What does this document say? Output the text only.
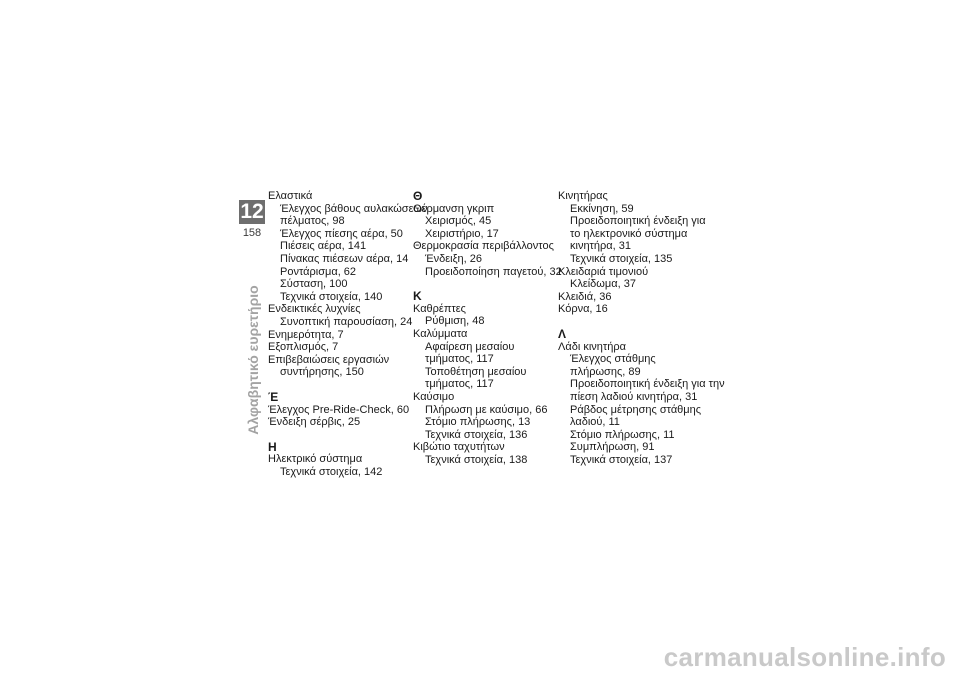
12
158
Αλφαβητικό ευρετήριο
Ελαστικά
Έλεγχος βάθους αυλακώσεων
πέλματος, 98
Έλεγχος πίεσης αέρα, 50
Πιέσεις αέρα, 141
Πίνακας πιέσεων αέρα, 14
Ροντάρισμα, 62
Σύσταση, 100
Τεχνικά στοιχεία, 140
Ενδεικτικές λυχνίες
Συνοπτική παρουσίαση, 24
Ενημερότητα, 7
Εξοπλισμός, 7
Επιβεβαιώσεις εργασιών
συντήρησης, 150
Έ
Έλεγχος Pre-Ride-Check, 60
Ένδειξη σέρβις, 25
Η
Ηλεκτρικό σύστημα
Τεχνικά στοιχεία, 142
Θ
Θέρμανση γκριπ
Χειρισμός, 45
Χειριστήριο, 17
Θερμοκρασία περιβάλλοντος
Ένδειξη, 26
Προειδοποίηση παγετού, 32
Κ
Καθρέπτες
Ρύθμιση, 48
Καλύμματα
Αφαίρεση μεσαίου
τμήματος, 117
Τοποθέτηση μεσαίου
τμήματος, 117
Καύσιμο
Πλήρωση με καύσιμο, 66
Στόμιο πλήρωσης, 13
Τεχνικά στοιχεία, 136
Κιβώτιο ταχυτήτων
Τεχνικά στοιχεία, 138
Κινητήρας
Εκκίνηση, 59
Προειδοποιητική ένδειξη για
το ηλεκτρονικό σύστημα
κινητήρα, 31
Τεχνικά στοιχεία, 135
Κλειδαριά τιμονιού
Κλείδωμα, 37
Κλειδιά, 36
Κόρνα, 16
Λ
Λάδι κινητήρα
Έλεγχος στάθμης
πλήρωσης, 89
Προειδοποιητική ένδειξη για την
πίεση λαδιού κινητήρα, 31
Ράβδος μέτρησης στάθμης
λαδιού, 11
Στόμιο πλήρωσης, 11
Συμπλήρωση, 91
Τεχνικά στοιχεία, 137
carmanualsonline.info
